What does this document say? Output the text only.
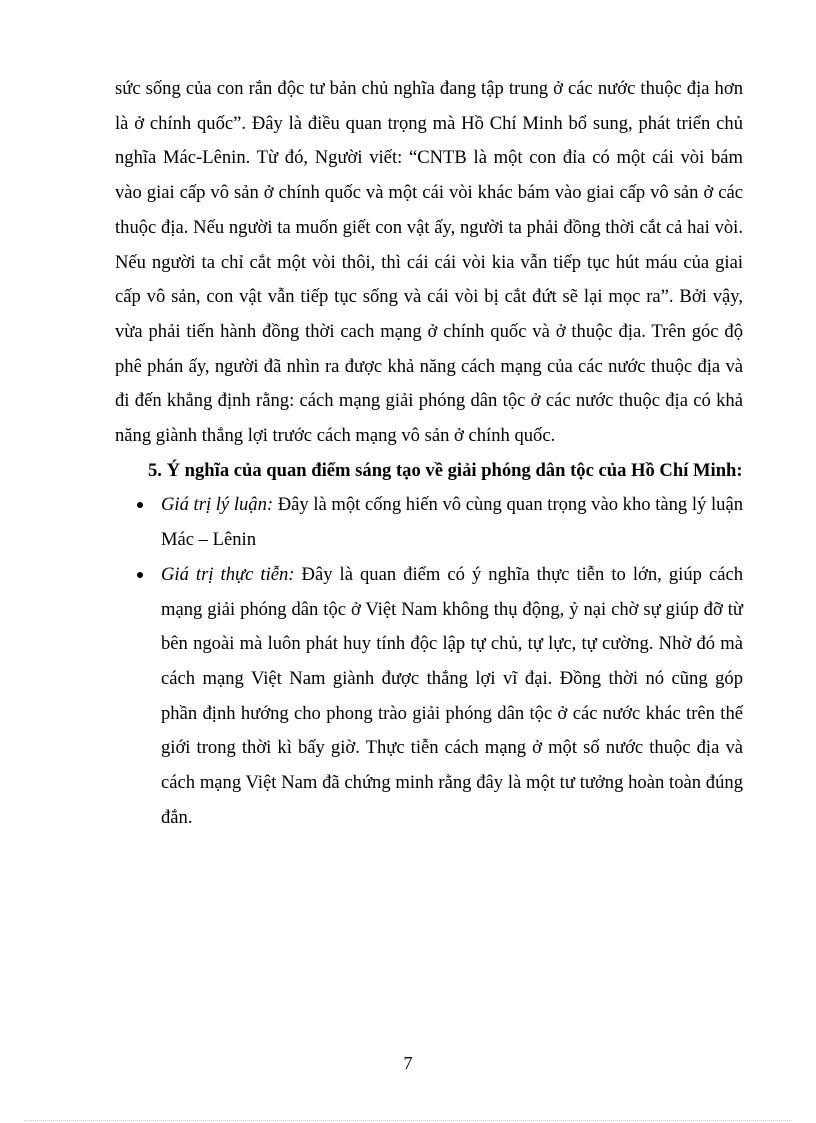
sức sống của con rắn độc tư bản chủ nghĩa đang tập trung ở các nước thuộc địa hơn là ở chính quốc”. Đây là điều quan trọng mà Hồ Chí Minh bổ sung, phát triển chủ nghĩa Mác-Lênin. Từ đó, Người viết: “CNTB là một con đỉa có một cái vòi bám vào giai cấp vô sản ở chính quốc và một cái vòi khác bám vào giai cấp vô sản ở các thuộc địa. Nếu người ta muốn giết con vật ấy, người ta phải đồng thời cắt cả hai vòi. Nếu người ta chỉ cắt một vòi thôi, thì cái cái vòi kia vẫn tiếp tục hút máu của giai cấp vô sản, con vật vẫn tiếp tục sống và cái vòi bị cắt đứt sẽ lại mọc ra”. Bởi vậy, vừa phải tiến hành đồng thời cach mạng ở chính quốc và ở thuộc địa. Trên góc độ phê phán ấy, người đã nhìn ra được khả năng cách mạng của các nước thuộc địa và đi đến khẳng định rằng: cách mạng giải phóng dân tộc ở các nước thuộc địa có khả năng giành thắng lợi trước cách mạng vô sản ở chính quốc.

5. Ý nghĩa của quan điểm sáng tạo về giải phóng dân tộc của Hồ Chí Minh:

Giá trị lý luận: Đây là một cống hiến vô cùng quan trọng vào kho tàng lý luận Mác – Lênin
Giá trị thực tiễn: Đây là quan điểm có ý nghĩa thực tiễn to lớn, giúp cách mạng giải phóng dân tộc ở Việt Nam không thụ động, ỷ nại chờ sự giúp đỡ từ bên ngoài mà luôn phát huy tính độc lập tự chủ, tự lực, tự cường. Nhờ đó mà cách mạng Việt Nam giành được thắng lợi vĩ đại. Đồng thời nó cũng góp phần định hướng cho phong trào giải phóng dân tộc ở các nước khác trên thế giới trong thời kì bấy giờ. Thực tiễn cách mạng ở một số nước thuộc địa và cách mạng Việt Nam đã chứng minh rằng đây là một tư tưởng hoàn toàn đúng đắn.
7
